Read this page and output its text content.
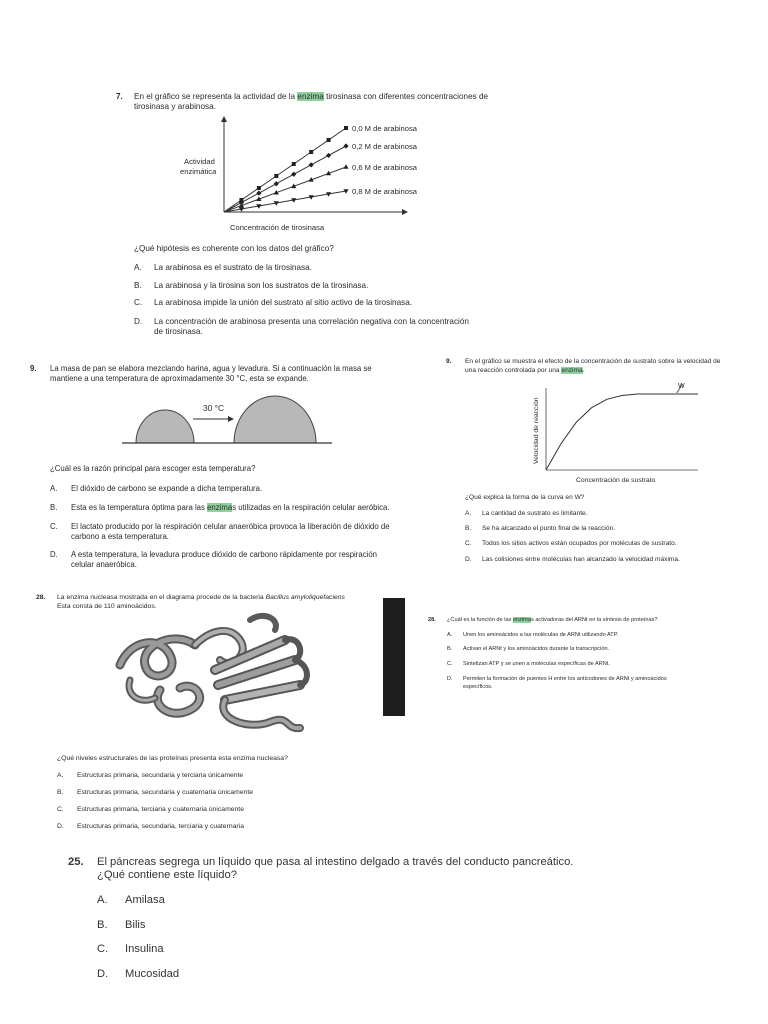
7. En el gráfico se representa la actividad de la enzima tirosinasa con diferentes concentraciones de
tirosinasa y arabinosa.
0,0 M de arabinosa
0,2 M de arabinosa
0,6 M de arabinosa
0,8 M de arabinosa
Actividad
enzimática
Concentración de tirosinasa
¿Qué hipótesis es coherente con los datos del gráfico?
A. La arabinosa es el sustrato de la tirosinasa.
B. La arabinosa y la tirosina son los sustratos de la tirosinasa.
C. La arabinosa impide la unión del sustrato al sitio activo de la tirosinasa.
D. La concentración de arabinosa presenta una correlación negativa con la concentración
de tirosinasa.
9. La masa de pan se elabora mezclando harina, agua y levadura. Si a continuación la masa se
mantiene a una temperatura de aproximadamente 30 °C, esta se expande.
30 °C
¿Cuál es la razón principal para escoger esta temperatura?
A. El dióxido de carbono se expande a dicha temperatura.
B. Esta es la temperatura óptima para las enzimas utilizadas en la respiración celular aeróbica.
C. El lactato producido por la respiración celular anaeróbica provoca la liberación de dióxido de
carbono a esta temperatura.
D. A esta temperatura, la levadura produce dióxido de carbono rápidamente por respiración
celular anaeróbica.
9. En el gráfico se muestra el efecto de la concentración de sustrato sobre la velocidad de
una reacción controlada por una enzima.
W
Concentración de sustrato
Velocidad de reacción
¿Qué explica la forma de la curva en W?
A. La cantidad de sustrato es limitante.
B. Se ha alcanzado el punto final de la reacción.
C. Todos los sitios activos están ocupados por moléculas de sustrato.
D. Las colisiones entre moléculas han alcanzado la velocidad máxima.
28. La enzima nucleasa mostrada en el diagrama procede de la bacteria Bacillus amyloliquefaciens
Esta consta de 110 aminoácidos.
¿Qué niveles estructurales de las proteínas presenta esta enzima nucleasa?
A. Estructuras primaria, secundaria y terciaria únicamente
B. Estructuras primaria, secundaria y cuaternaria únicamente
C. Estructuras primaria, terciaria y cuaternaria únicamente
D. Estructuras primaria, secundaria, terciaria y cuaternaria
28. ¿Cuál es la función de las enzimas activadoras del ARNt en la síntesis de proteínas?
A. Unen los aminoácidos a las moléculas de ARNt utilizando ATP.
B. Activan el ARNt y los aminoácidos durante la transcripción.
C. Sintetizan ATP y se unen a moléculas específicas de ARNt.
D. Permiten la formación de puentes H entre los anticodones de ARNt y aminoácidos
específicos.
25. El páncreas segrega un líquido que pasa al intestino delgado a través del conducto pancreático.
¿Qué contiene este líquido?
A. Amilasa
B. Bilis
C. Insulina
D. Mucosidad
